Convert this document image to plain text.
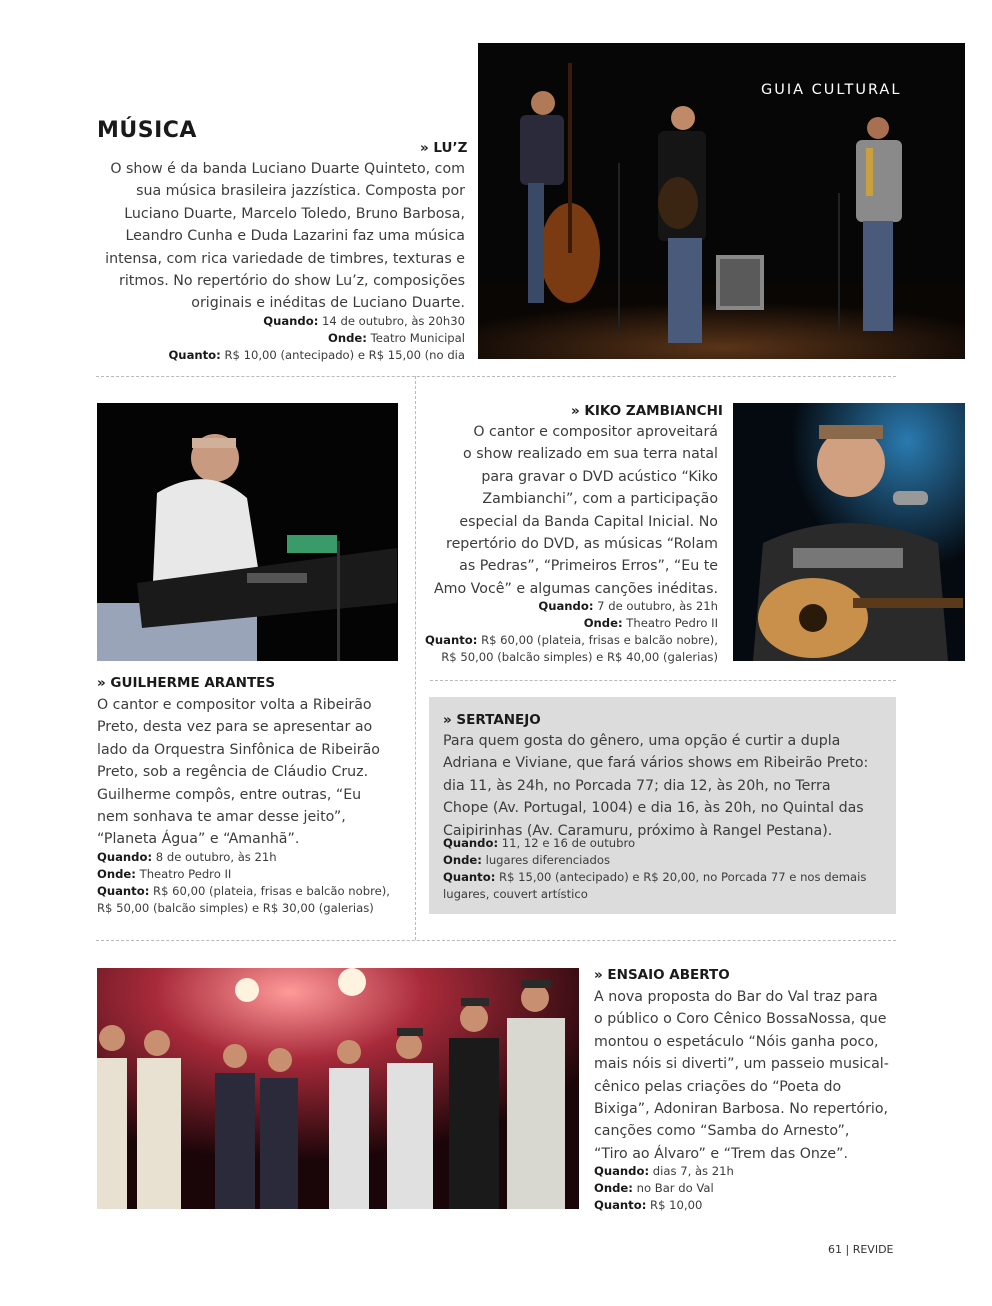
GUIA CULTURAL
MÚSICA
» LU’Z
O show é da banda Luciano Duarte Quinteto, com
sua música brasileira jazzística. Composta por
Luciano Duarte, Marcelo Toledo, Bruno Barbosa,
Leandro Cunha e Duda Lazarini faz uma música
intensa, com rica variedade de timbres, texturas e
ritmos. No repertório do show Lu’z, composições
originais e inéditas de Luciano Duarte.
Quando: 14 de outubro, às 20h30
Onde: Teatro Municipal
Quanto: R$ 10,00 (antecipado) e R$ 15,00 (no dia
» KIKO ZAMBIANCHI
O cantor e compositor aproveitará
o show realizado em sua terra natal
para gravar o DVD acústico “Kiko
Zambianchi”, com a participação
especial da Banda Capital Inicial. No
repertório do DVD, as músicas “Rolam
as Pedras”, “Primeiros Erros”, “Eu te
Amo Você” e algumas canções inéditas.
Quando: 7 de outubro, às 21h
Onde: Theatro Pedro II
Quanto: R$ 60,00 (plateia, frisas e balcão nobre),
R$ 50,00 (balcão simples) e R$ 40,00 (galerias)
» GUILHERME ARANTES
O cantor e compositor volta a Ribeirão
Preto, desta vez para se apresentar ao
lado da Orquestra Sinfônica de Ribeirão
Preto, sob a regência de Cláudio Cruz.
Guilherme compôs, entre outras, “Eu
nem sonhava te amar desse jeito”,
“Planeta Água” e “Amanhã”.
Quando: 8 de outubro, às 21h
Onde: Theatro Pedro II
Quanto: R$ 60,00 (plateia, frisas e balcão nobre),
R$ 50,00 (balcão simples) e R$ 30,00 (galerias)
» SERTANEJO
Para quem gosta do gênero, uma opção é curtir a dupla
Adriana e Viviane, que fará vários shows em Ribeirão Preto:
dia 11, às 24h, no Porcada 77; dia 12, às 20h, no Terra
Chope (Av. Portugal, 1004) e dia 16, às 20h, no Quintal das
Caipirinhas (Av. Caramuru, próximo à Rangel Pestana).
Quando: 11, 12 e 16 de outubro
Onde: lugares diferenciados
Quanto: R$ 15,00 (antecipado) e R$ 20,00, no Porcada 77 e nos demais
lugares, couvert artístico
» ENSAIO ABERTO
A nova proposta do Bar do Val traz para
o público o Coro Cênico BossaNossa, que
montou o espetáculo “Nóis ganha poco,
mais nóis si diverti”, um passeio musical-
cênico pelas criações do “Poeta do
Bixiga”, Adoniran Barbosa. No repertório,
canções como “Samba do Arnesto”,
“Tiro ao Álvaro” e “Trem das Onze”.
Quando: dias 7, às 21h
Onde: no Bar do Val
Quanto: R$ 10,00
61 | REVIDE
